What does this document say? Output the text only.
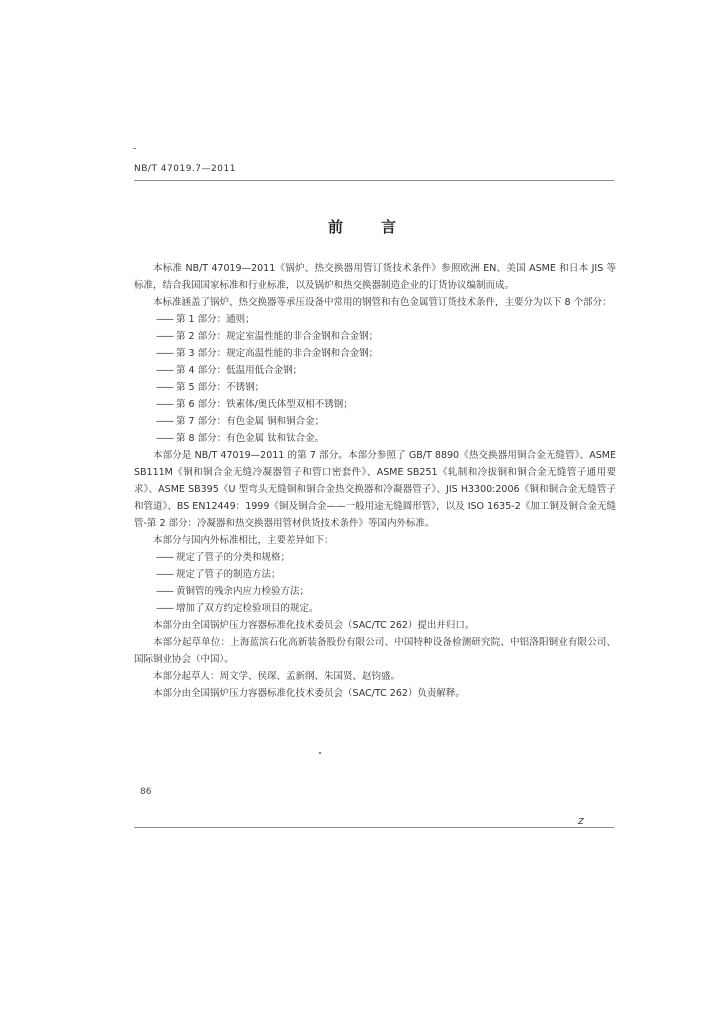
NB/T 47019.7—2011
前言

本标准 NB/T 47019—2011《锅炉、热交换器用管订货技术条件》参照欧洲 EN、美国 ASME 和日本 JIS 等标准，结合我国国家标准和行业标准，以及锅炉和热交换器制造企业的订货协议编制而成。

本标准涵盖了锅炉、热交换器等承压设备中常用的钢管和有色金属管订货技术条件，主要分为以下 8 个部分：

—— 第 1 部分：通则；

—— 第 2 部分：规定室温性能的非合金钢和合金钢；

—— 第 3 部分：规定高温性能的非合金钢和合金钢；

—— 第 4 部分：低温用低合金钢；

—— 第 5 部分：不锈钢；

—— 第 6 部分：铁素体/奥氏体型双相不锈钢；

—— 第 7 部分：有色金属 铜和铜合金；

—— 第 8 部分：有色金属 钛和钛合金。

本部分是 NB/T 47019—2011 的第 7 部分。本部分参照了 GB/T 8890《热交换器用铜合金无缝管》、ASME SB111M《铜和铜合金无缝冷凝器管子和管口密套件》、ASME SB251《轧制和冷拔铜和铜合金无缝管子通用要求》、ASME SB395《U 型弯头无缝铜和铜合金热交换器和冷凝器管子》、JIS H3300:2006《铜和铜合金无缝管子和管道》、BS EN12449：1999《铜及铜合金——一般用途无缝圆形管》，以及 ISO 1635-2《加工铜及铜合金无缝管-第 2 部分：冷凝器和热交换器用管材供货技术条件》等国内外标准。

本部分与国内外标准相比，主要差异如下：

—— 规定了管子的分类和规格；

—— 规定了管子的制造方法；

—— 黄铜管的残余内应力检验方法；

—— 增加了双方约定检验项目的规定。

本部分由全国锅炉压力容器标准化技术委员会（SAC/TC 262）提出并归口。

本部分起草单位：上海蓝滨石化高新装备股份有限公司、中国特种设备检测研究院、中铝洛阳铜业有限公司、国际铜业协会（中国）。

本部分起草人：周文学、侯琛、孟新纲、朱国贤、赵钧盛。

本部分由全国锅炉压力容器标准化技术委员会（SAC/TC 262）负责解释。

86
z
